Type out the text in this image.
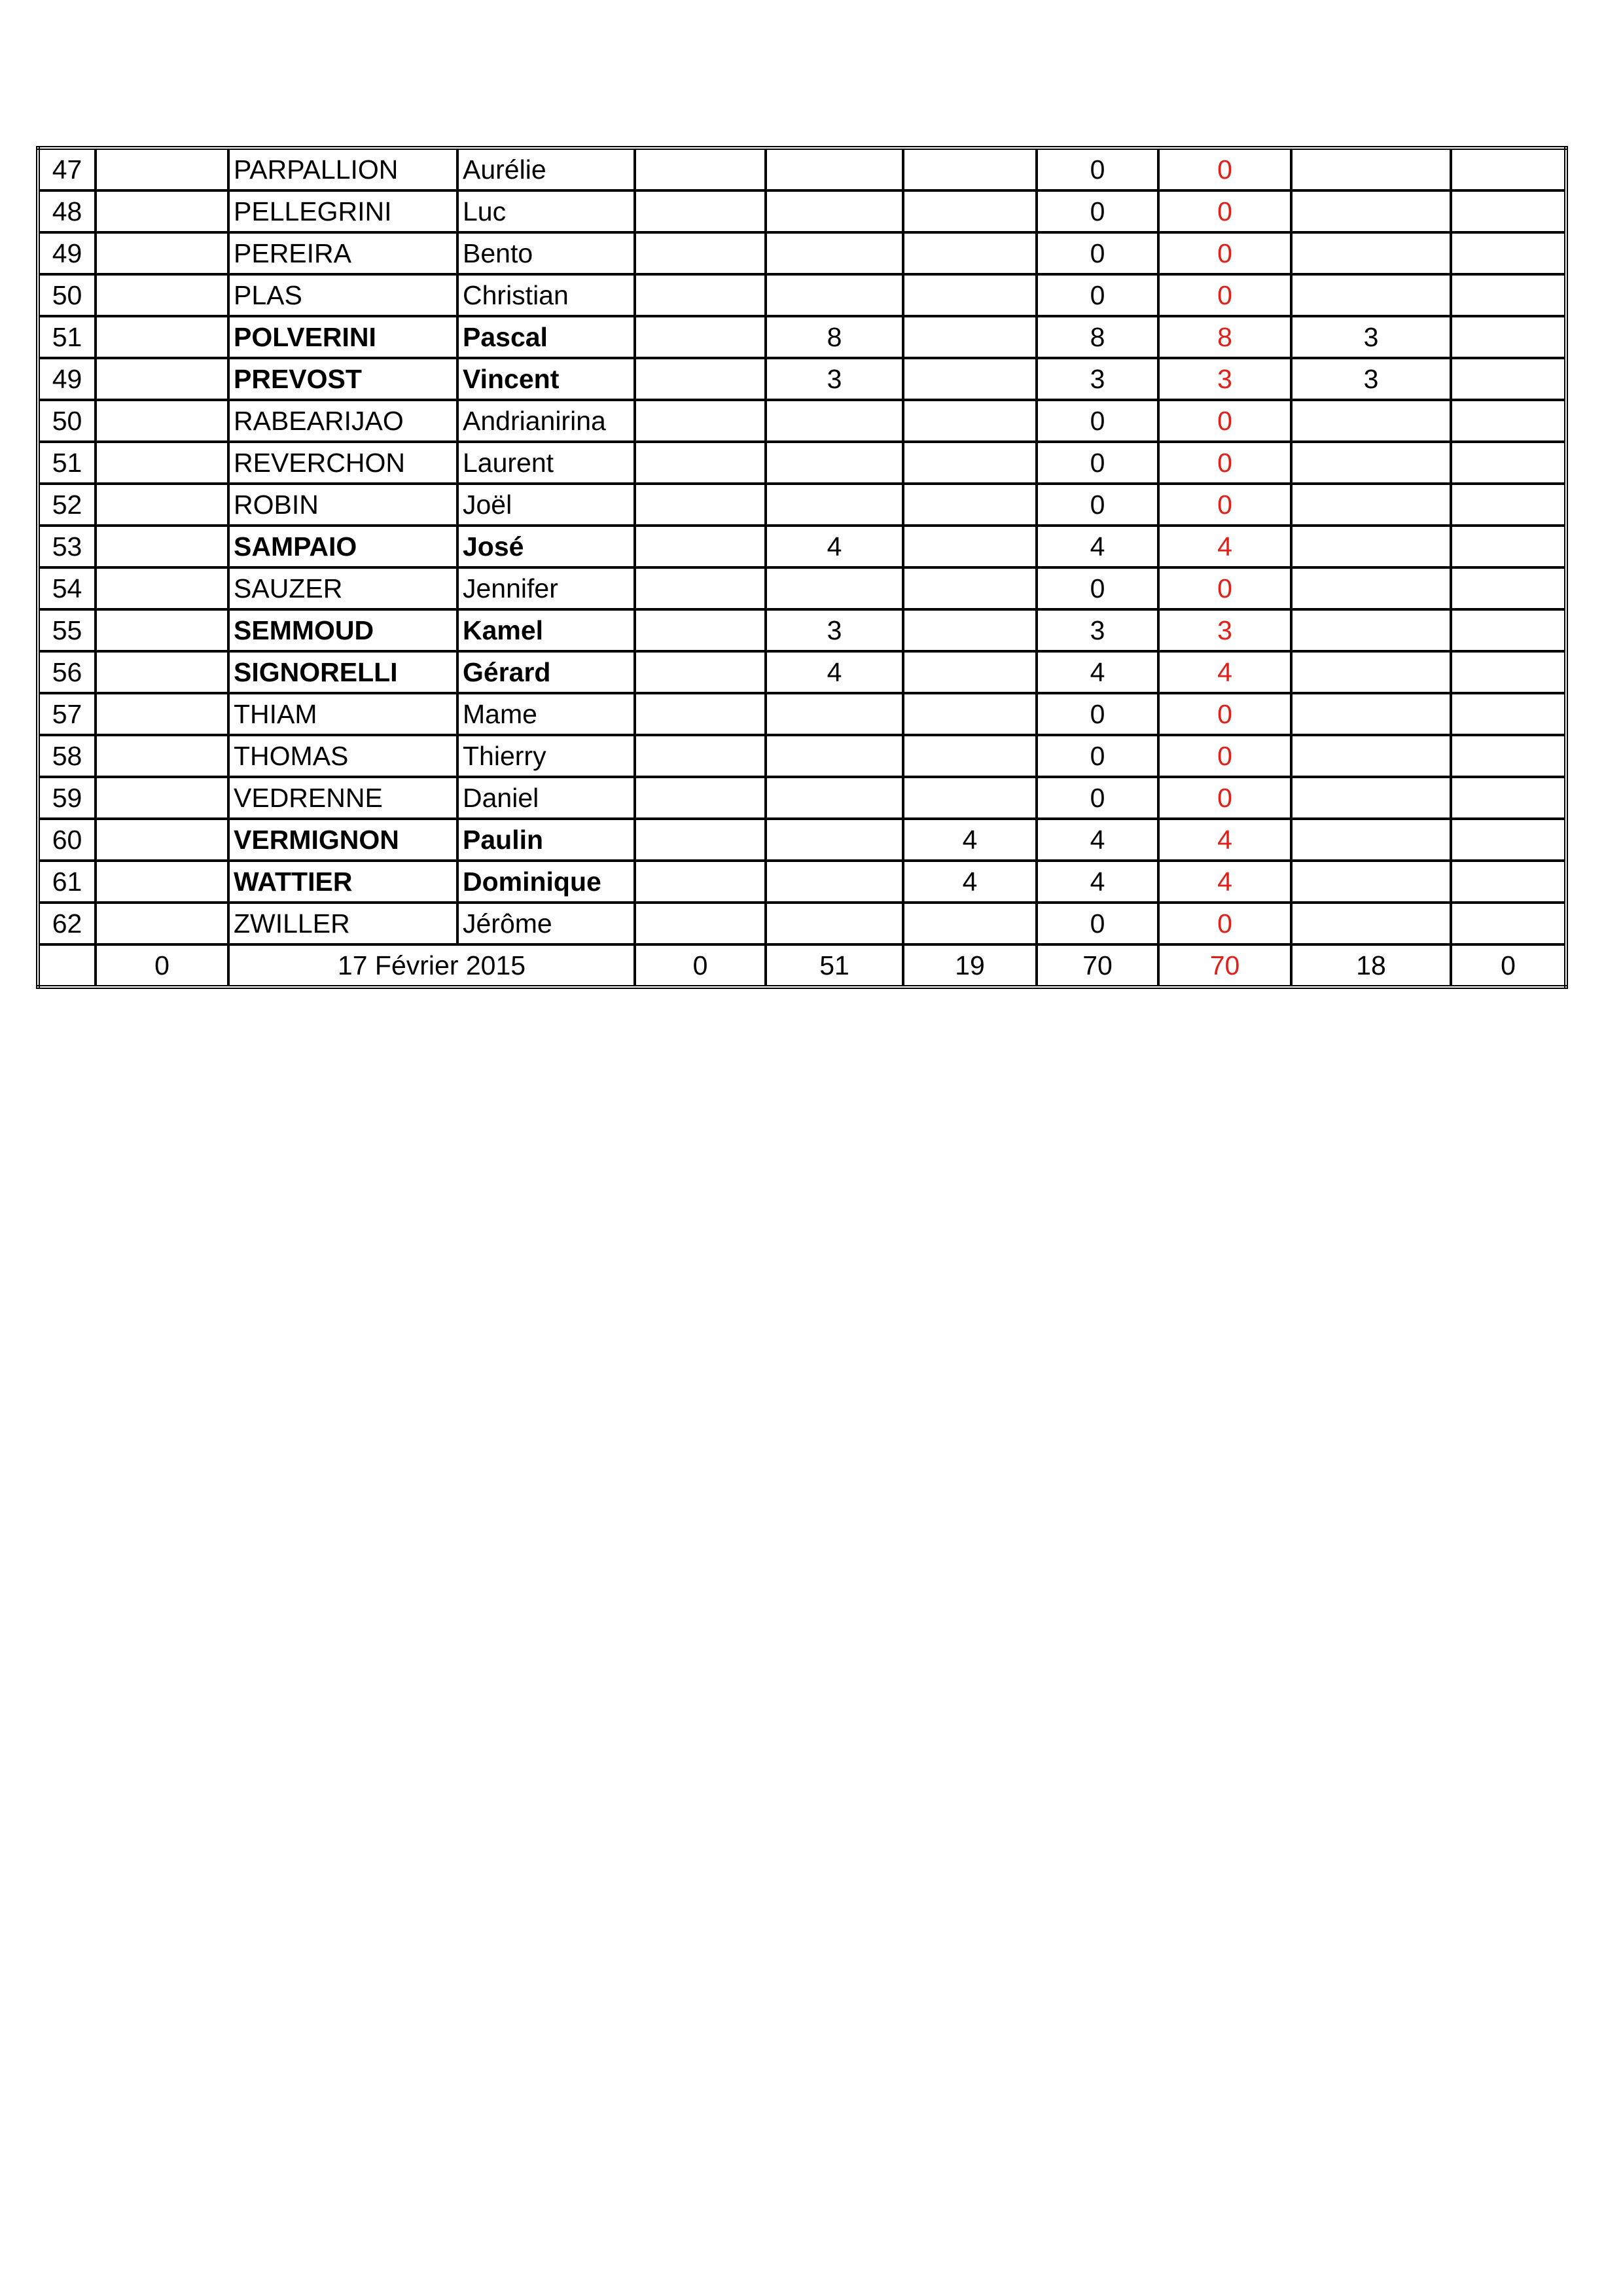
47		PARPALLION	Aurélie				0	0		
48		PELLEGRINI	Luc				0	0		
49		PEREIRA	Bento				0	0		
50		PLAS	Christian				0	0		
51		POLVERINI	Pascal		8		8	8	3	
49		PREVOST	Vincent		3		3	3	3	
50		RABEARIJAO	Andrianirina				0	0		
51		REVERCHON	Laurent				0	0		
52		ROBIN	Joël				0	0		
53		SAMPAIO	José		4		4	4		
54		SAUZER	Jennifer				0	0		
55		SEMMOUD	Kamel		3		3	3		
56		SIGNORELLI	Gérard		4		4	4		
57		THIAM	Mame				0	0		
58		THOMAS	Thierry				0	0		
59		VEDRENNE	Daniel				0	0		
60		VERMIGNON	Paulin			4	4	4		
61		WATTIER	Dominique			4	4	4		
62		ZWILLER	Jérôme				0	0		
	0	17 Février 2015		0	51	19	70	70	18	0
